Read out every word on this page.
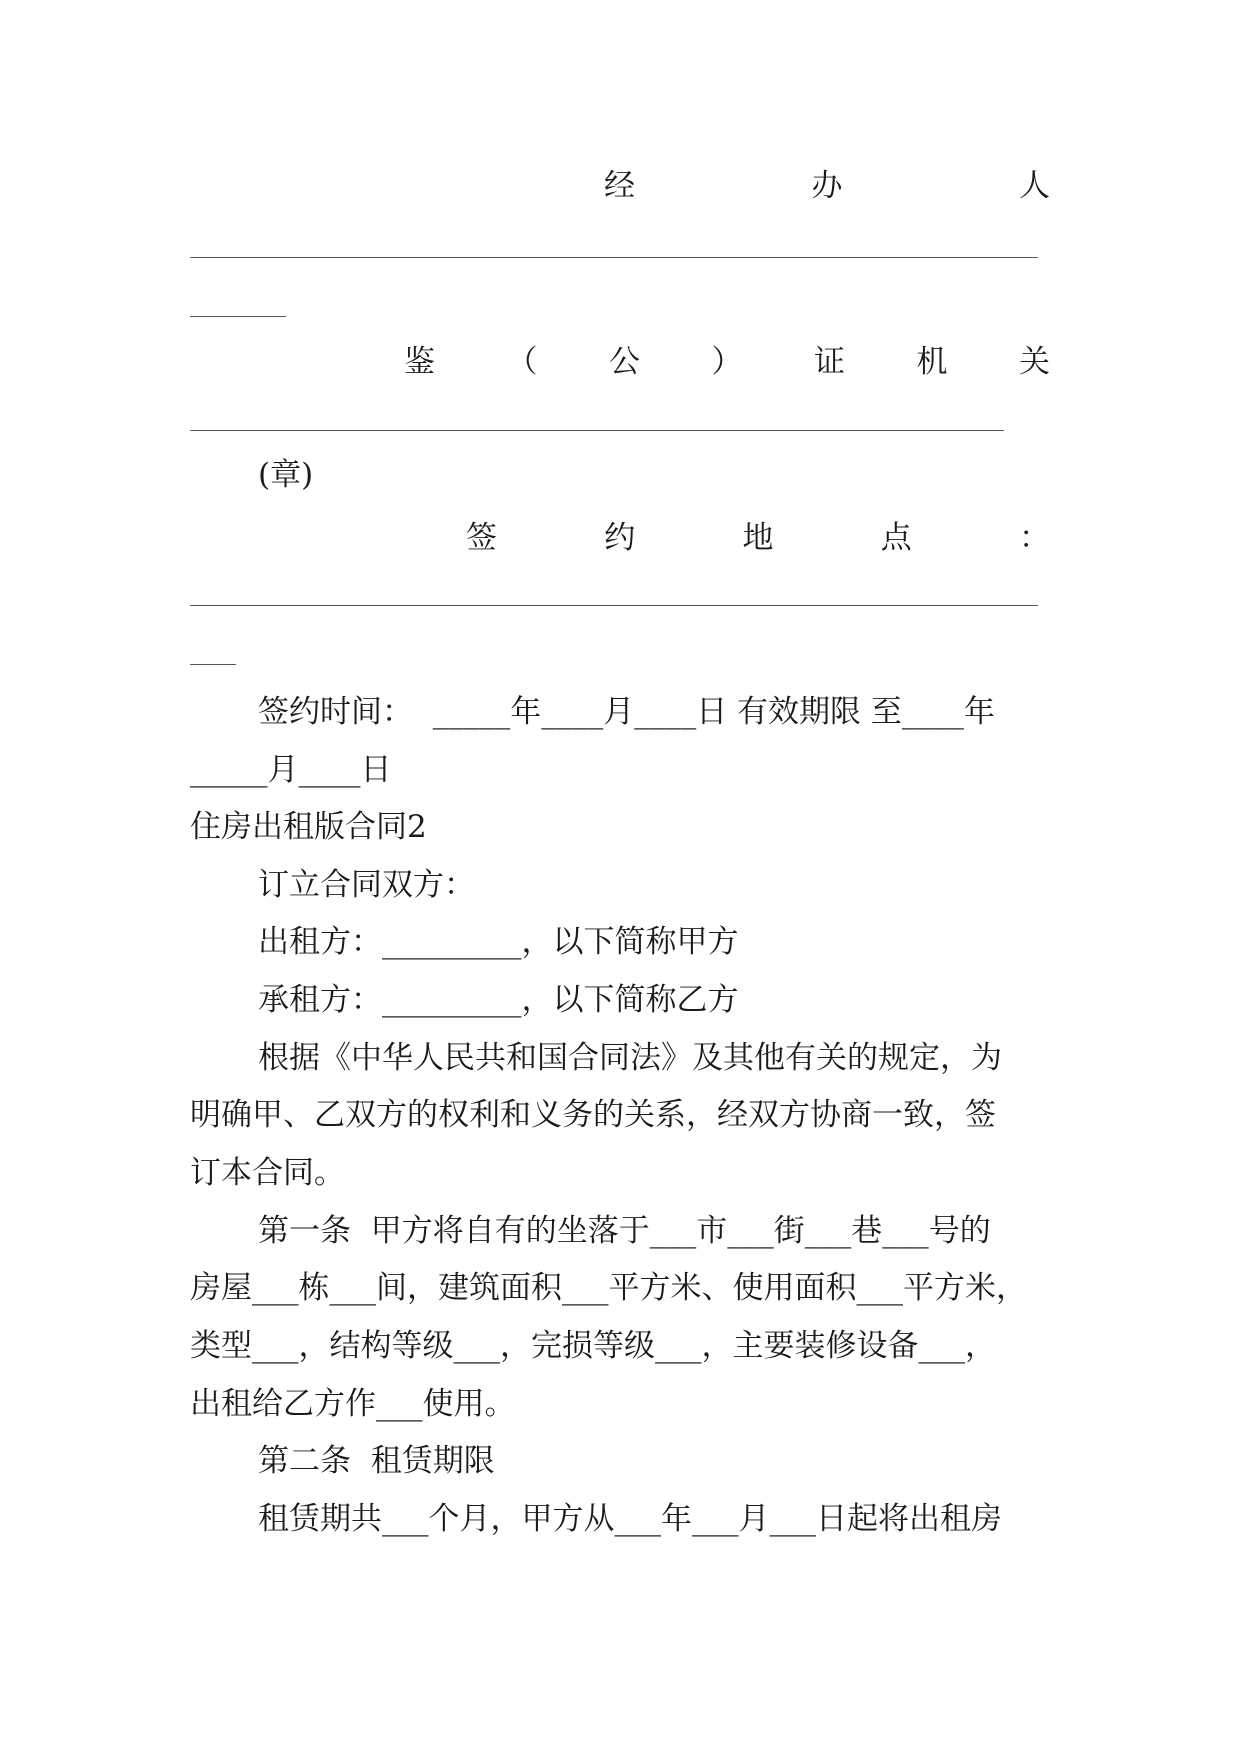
经	办	人
鉴 （ 公 ） 证 机 关
(章)
签	约	地	点	：
签约时间：  _____年____月____日 有效期限 至____年
_____月____日
住房出租版合同2
订立合同双方：
出租方：_________，以下简称甲方
承租方：_________，以下简称乙方
根据《中华人民共和国合同法》及其他有关的规定，为
明确甲、乙双方的权利和义务的关系，经双方协商一致，签
订本合同。
第一条  甲方将自有的坐落于___市___街___巷___号的
房屋___栋___间，建筑面积___平方米、使用面积___平方米，
类型___，结构等级___，完损等级___，主要装修设备___，
出租给乙方作___使用。
第二条  租赁期限
租赁期共___个月，甲方从___年___月___日起将出租房
